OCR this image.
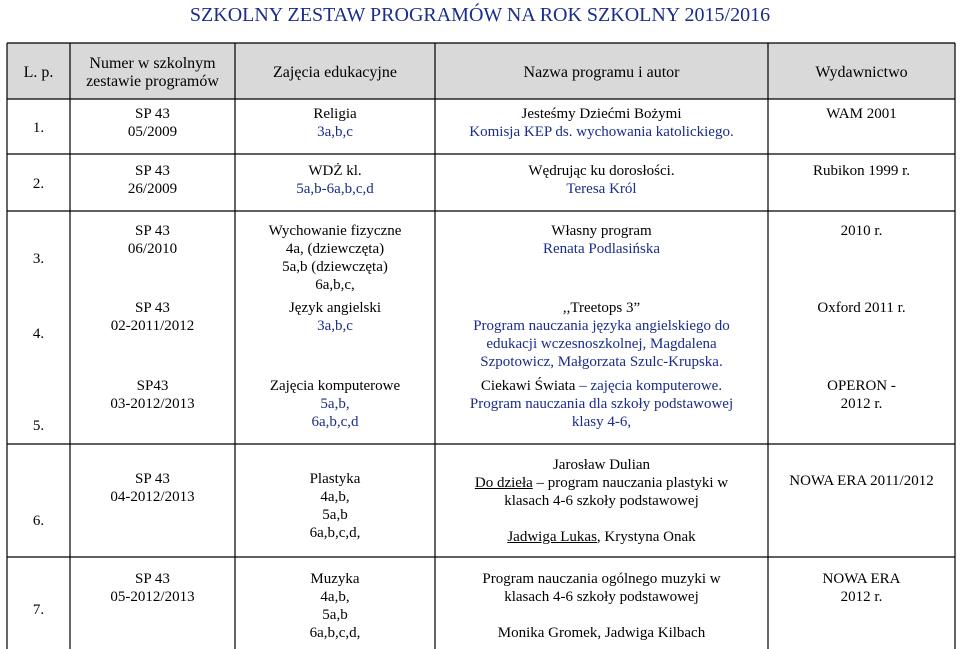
SZKOLNY ZESTAW PROGRAMÓW NA ROK SZKOLNY 2015/2016
L. p.
Numer w szkolnym
zestawie programów
Zajęcia edukacyjne	Nazwa programu i autor	Wydawnictwo
1.
SP 43
05/2009
Religia
3a,b,c
Jesteśmy Dziećmi Bożymi
Komisja KEP ds. wychowania katolickiego.
WAM 2001
2.
SP 43
26/2009
WDŻ kl.
5a,b-6a,b,c,d
Wędrując ku dorosłości.
Teresa Król
Rubikon 1999 r.
3.
SP 43
06/2010
Wychowanie fizyczne
4a, (dziewczęta)
5a,b (dziewczęta)
6a,b,c,
Własny program
Renata Podlasińska
2010 r.
4.
SP 43
02-2011/2012
Język angielski
3a,b,c
,,Treetops 3”
Program nauczania języka angielskiego do
edukacji wczesnoszkolnej, Magdalena
Szpotowicz, Małgorzata Szulc-Krupska.
Oxford 2011 r.
5.
SP43
03-2012/2013
Zajęcia komputerowe
5a,b,
6a,b,c,d
Ciekawi Świata – zajęcia komputerowe.
Program nauczania dla szkoły podstawowej
klasy 4-6,
OPERON -
2012 r.
6.
SP 43
04-2012/2013
Plastyka
4a,b,
5a,b
6a,b,c,d,
Jarosław Dulian
Do dzieła – program nauczania plastyki w
klasach 4-6 szkoły podstawowej
Jadwiga Lukas, Krystyna Onak
NOWA ERA 2011/2012
7.
SP 43
05-2012/2013
Muzyka
4a,b,
5a,b
6a,b,c,d,
Program nauczania ogólnego muzyki w
klasach 4-6 szkoły podstawowej
Monika Gromek, Jadwiga Kilbach
NOWA ERA
2012 r.
